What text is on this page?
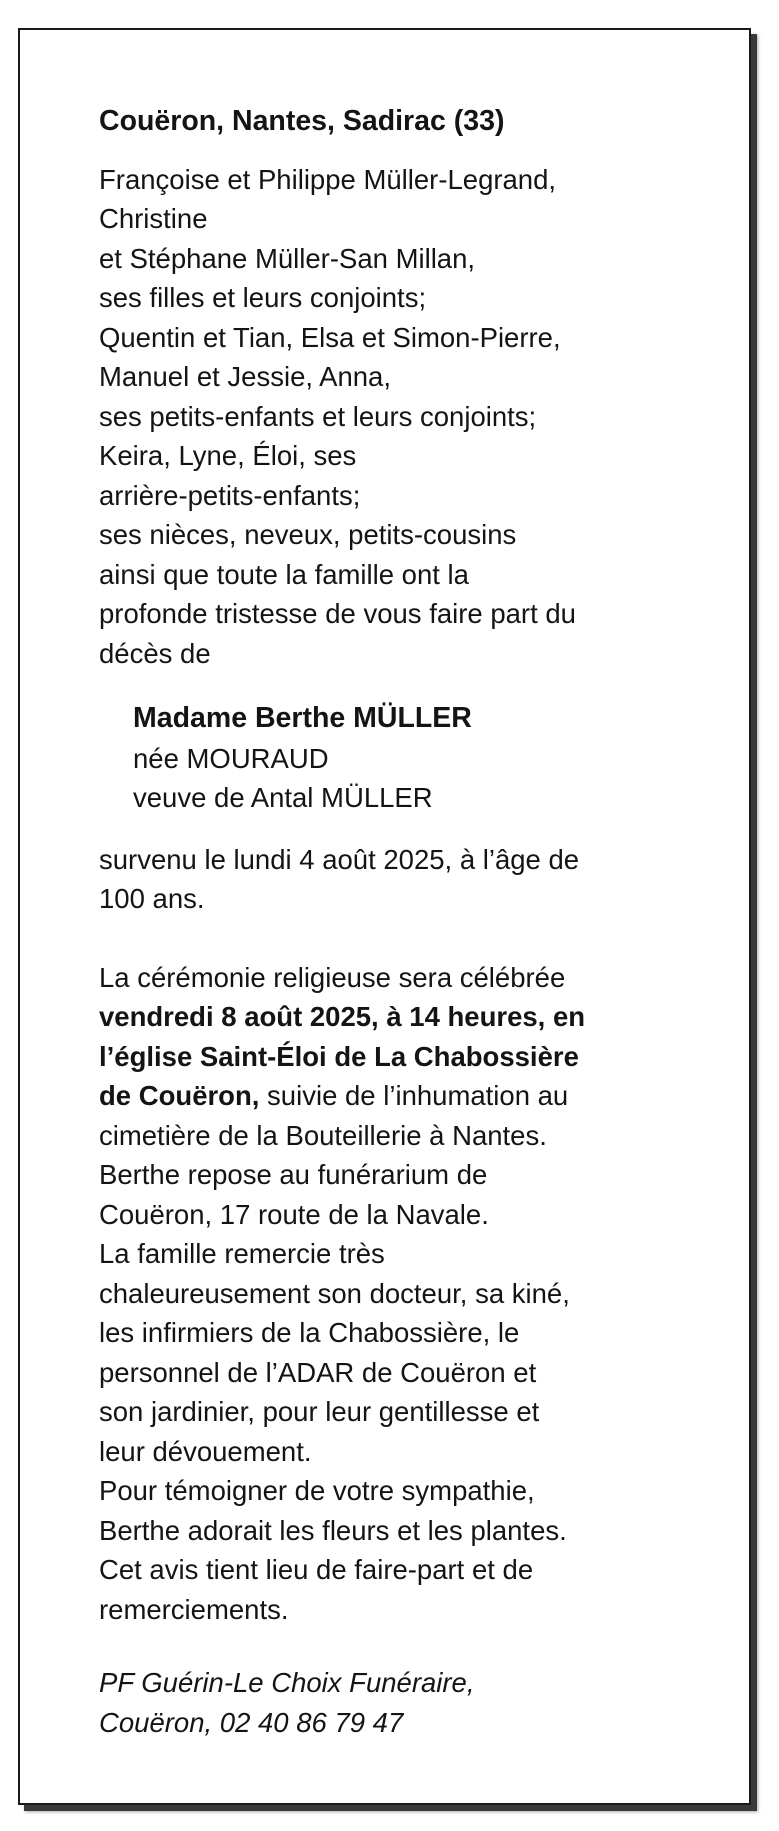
Couëron, Nantes, Sadirac (33)
Françoise et Philippe Müller-Legrand,
Christine
et Stéphane Müller-San Millan,
ses filles et leurs conjoints;
Quentin et Tian, Elsa et Simon-Pierre,
Manuel et Jessie, Anna,
ses petits-enfants et leurs conjoints;
Keira, Lyne, Éloi, ses
arrière-petits-enfants;
ses nièces, neveux, petits-cousins
ainsi que toute la famille ont la
profonde tristesse de vous faire part du
décès de
Madame Berthe MÜLLER
née MOURAUD
veuve de Antal MÜLLER
survenu le lundi 4 août 2025, à l’âge de
100 ans.
La cérémonie religieuse sera célébrée
vendredi 8 août 2025, à 14 heures, en
l’église Saint-Éloi de La Chabossière
de Couëron, suivie de l’inhumation au
cimetière de la Bouteillerie à Nantes.
Berthe repose au funérarium de
Couëron, 17 route de la Navale.
La famille remercie très
chaleureusement son docteur, sa kiné,
les infirmiers de la Chabossière, le
personnel de l’ADAR de Couëron et
son jardinier, pour leur gentillesse et
leur dévouement.
Pour témoigner de votre sympathie,
Berthe adorait les fleurs et les plantes.
Cet avis tient lieu de faire-part et de
remerciements.
PF Guérin-Le Choix Funéraire,
Couëron, 02 40 86 79 47
